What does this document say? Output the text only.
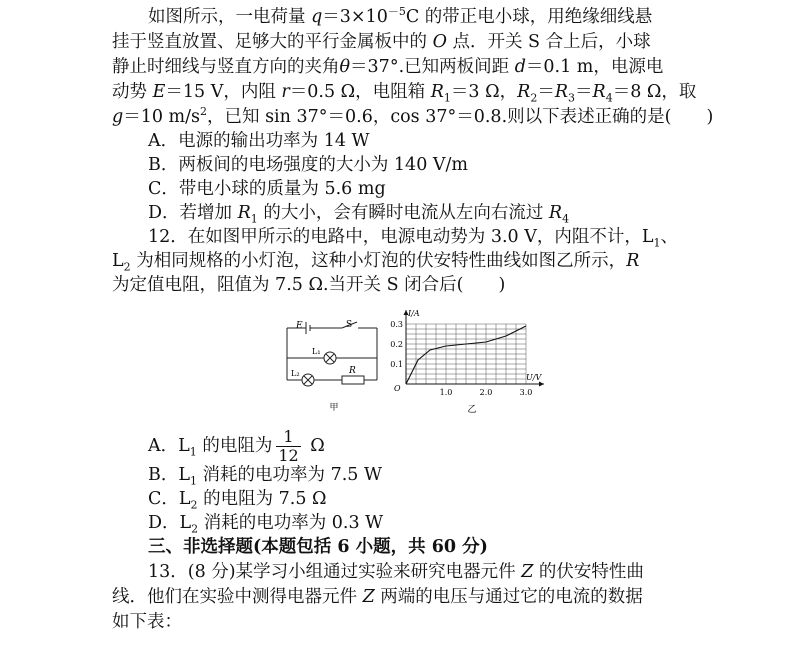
如图所示，一电荷量 $q=3\times 10^{-5}C$ 的带正电小球，用绝缘细线悬
挂于竖直放置、足够大的平行金属板中的 O 点．开关 S 合上后，小球
静止时细线与竖直方向的夹角θ＝37°.已知两板间距 d＝0.1 m，电源电
动势 E＝15 V，内阻 r＝0.5 Ω，电阻箱 $R_1=3$ Ω，$R_2=R_3=R_4=8$ Ω，取
g＝10 $m/s^2$，已知 sin 37°＝0.6，cos 37°＝0.8.则以下表述正确的是(　　)
A．电源的输出功率为 14 W
B．两板间的电场强度的大小为 140 V/m
C．带电小球的质量为 5.6 mg
D．若增加 $R_1$ 的大小，会有瞬时电流从左向右流过 $R_4$
12．在如图甲所示的电路中，电源电动势为 3.0 V，内阻不计，$L_1$、
$L_2$ 为相同规格的小灯泡，这种小灯泡的伏安特性曲线如图乙所示，R
为定值电阻，阻值为 7.5 Ω.当开关 S 闭合后(　　)
E	S
L₁
L₂	R
甲
0.3
0.2
0.1
1.0	2.0	3.0
I/A
U/V
O
乙
A．$L_1$ 的电阻为 $\frac{1}{12}$ Ω
B．$L_1$ 消耗的电功率为 7.5 W
C．$L_2$ 的电阻为 7.5 Ω
D．$L_2$ 消耗的电功率为 0.3 W
三、非选择题(本题包括 6 小题，共 60 分)
13．(8 分)某学习小组通过实验来研究电器元件 Z 的伏安特性曲
线．他们在实验中测得电器元件 Z 两端的电压与通过它的电流的数据
如下表：
